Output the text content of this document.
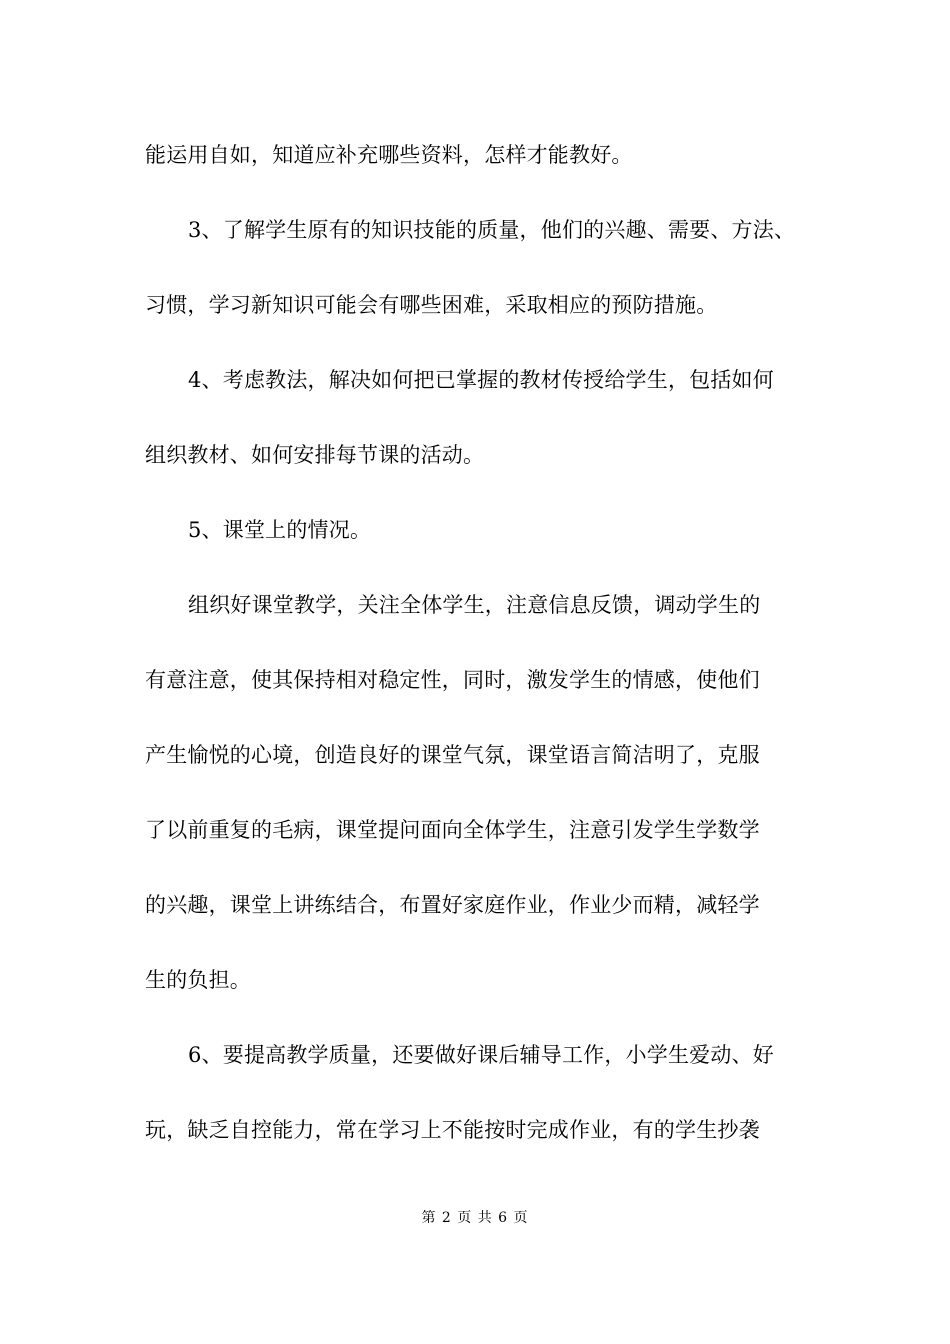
能运用自如，知道应补充哪些资料，怎样才能教好。
3、了解学生原有的知识技能的质量，他们的兴趣、需要、方法、
习惯，学习新知识可能会有哪些困难，采取相应的预防措施。
4、考虑教法，解决如何把已掌握的教材传授给学生，包括如何
组织教材、如何安排每节课的活动。
5、课堂上的情况。
组织好课堂教学，关注全体学生，注意信息反馈，调动学生的
有意注意，使其保持相对稳定性，同时，激发学生的情感，使他们
产生愉悦的心境，创造良好的课堂气氛，课堂语言简洁明了，克服
了以前重复的毛病，课堂提问面向全体学生，注意引发学生学数学
的兴趣，课堂上讲练结合，布置好家庭作业，作业少而精，减轻学
生的负担。
6、要提高教学质量，还要做好课后辅导工作，小学生爱动、好
玩，缺乏自控能力，常在学习上不能按时完成作业，有的学生抄袭
第 2 页 共 6 页
